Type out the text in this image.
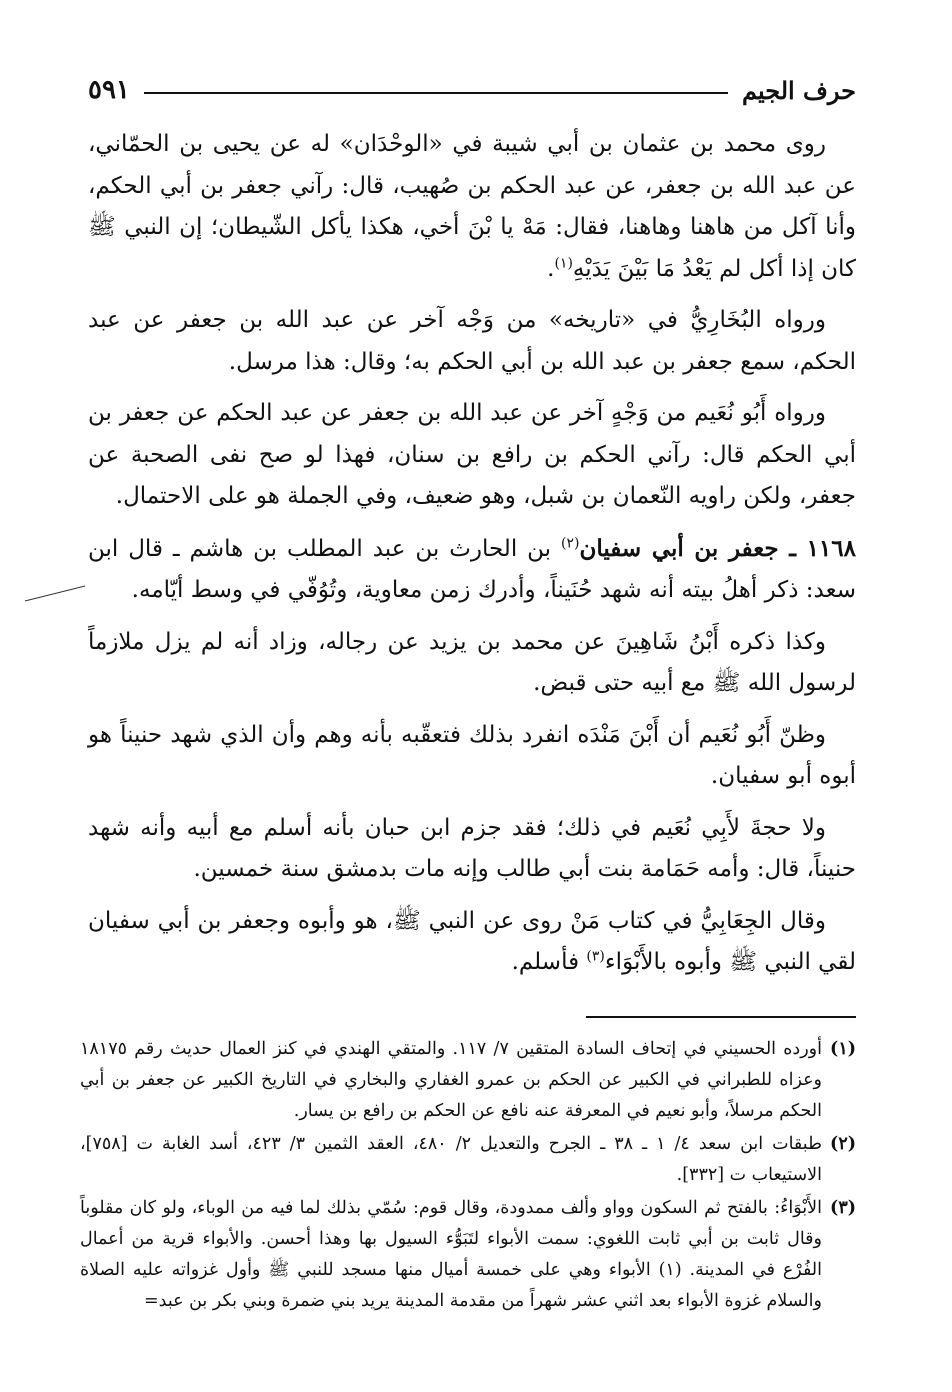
حرف الجيم
٥٩١

روى محمد بن عثمان بن أبي شيبة في «الوحْدَان» له عن يحيى بن الحمّاني، عن عبد الله بن جعفر، عن عبد الحكم بن صُهيب، قال: رآني جعفر بن أبي الحكم، وأنا آكل من هاهنا وهاهنا، فقال: مَهْ يا بْنَ أخي، هكذا يأكل الشّيطان؛ إن النبي ﷺ كان إذا أكل لم يَعْدُ مَا بَيْنَ يَدَيْهِ$^{(١)}$.

ورواه البُخَارِيُّ في «تاريخه» من وَجْه آخر عن عبد الله بن جعفر عن عبد الحكم، سمع جعفر بن عبد الله بن أبي الحكم به؛ وقال: هذا مرسل.

ورواه أَبُو نُعَيم من وَجْهٍ آخر عن عبد الله بن جعفر عن عبد الحكم عن جعفر بن أبي الحكم قال: رآني الحكم بن رافع بن سنان، فهذا لو صح نفى الصحبة عن جعفر، ولكن راويه النّعمان بن شبل، وهو ضعيف، وفي الجملة هو على الاحتمال.

١١٦٨ ـ جعفر بن أبي سفيان$^{(٢)}$ بن الحارث بن عبد المطلب بن هاشم ـ قال ابن سعد: ذكر أهلُ بيته أنه شهد حُنَيناً، وأدرك زمن معاوية، وتُوُفّي في وسط أيّامه.

وكذا ذكره أَبْنُ شَاهِينَ عن محمد بن يزيد عن رجاله، وزاد أنه لم يزل ملازماً لرسول الله ﷺ مع أبيه حتى قبض.

وظنّ أَبُو نُعَيم أن أَبْنَ مَنْدَه انفرد بذلك فتعقّبه بأنه وهم وأن الذي شهد حنيناً هو أبوه أبو سفيان.

ولا حجةَ لأَبِي نُعَيم في ذلك؛ فقد جزم ابن حبان بأنه أسلم مع أبيه وأنه شهد حنيناً، قال: وأمه حَمَامة بنت أبي طالب وإنه مات بدمشق سنة خمسين.

وقال الجِعَابِيُّ في كتاب مَنْ روى عن النبي ﷺ، هو وأبوه وجعفر بن أبي سفيان لقي النبي ﷺ وأبوه بالأَبْوَاء$^{(٣)}$ فأسلم.

(١)
أورده الحسيني في إتحاف السادة المتقين ٧/ ١١٧. والمتقي الهندي في كنز العمال حديث رقم ١٨١٧٥ وعزاه للطبراني في الكبير عن الحكم بن عمرو الغفاري والبخاري في التاريخ الكبير عن جعفر بن أبي الحكم مرسلاً، وأبو نعيم في المعرفة عنه نافع عن الحكم بن رافع بن يسار.

(٢)
طبقات ابن سعد ٤/ ١ ـ ٣٨ ـ الجرح والتعديل ٢/ ٤٨٠، العقد الثمين ٣/ ٤٢٣، أسد الغابة ت [٧٥٨]، الاستيعاب ت [٣٣٢].

(٣)
الأَبْوَاءُ: بالفتح ثم السكون وواو وألف ممدودة، وقال قوم: سُمّي بذلك لما فيه من الوباء، ولو كان مقلوباً وقال ثابت بن أبي ثابت اللغوي: سمت الأبواء لتَبَوُّء السيول بها وهذا أحسن. والأبواء قرية من أعمال الفُرْع في المدينة. (١) الأبواء وهي على خمسة أميال منها مسجد للنبي ﷺ وأول غزواته عليه الصلاة والسلام غزوة الأبواء بعد اثني عشر شهراً من مقدمة المدينة يريد بني ضمرة وبني بكر بن عبد=
